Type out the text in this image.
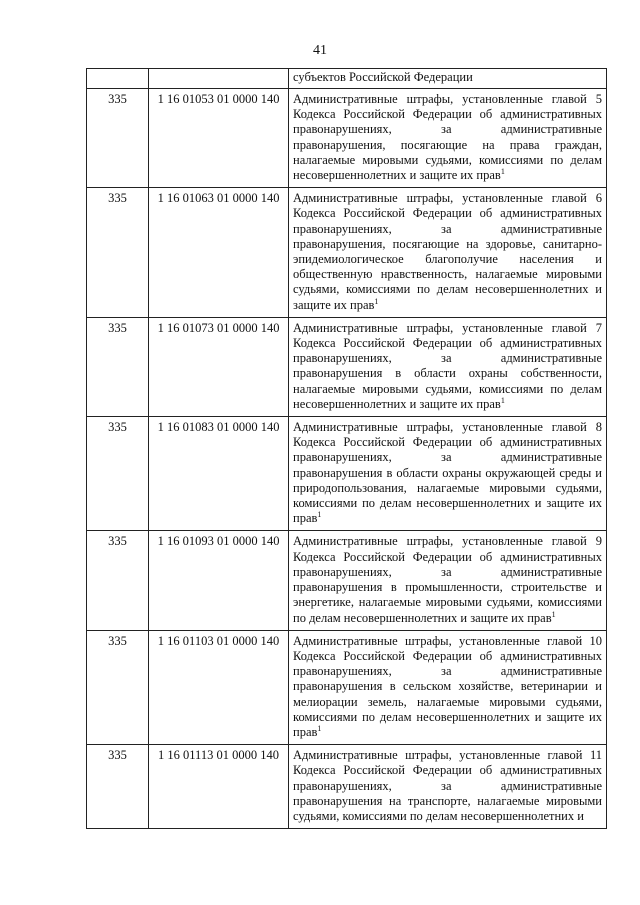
41
		субъектов Российской Федерации
335	1 16 01053 01 0000 140	Административные штрафы, установленные главой 5 Кодекса Российской Федерации об административных правонарушениях, за административные правонарушения, посягающие на права граждан, налагаемые мировыми судьями, комиссиями по делам несовершеннолетних и защите их прав$^1$
335	1 16 01063 01 0000 140	Административные штрафы, установленные главой 6 Кодекса Российской Федерации об административных правонарушениях, за административные правонарушения, посягающие на здоровье, санитарно-эпидемиологическое благополучие населения и общественную нравственность, налагаемые мировыми судьями, комиссиями по делам несовершеннолетних и защите их прав$^1$
335	1 16 01073 01 0000 140	Административные штрафы, установленные главой 7 Кодекса Российской Федерации об административных правонарушениях, за административные правонарушения в области охраны собственности, налагаемые мировыми судьями, комиссиями по делам несовершеннолетних и защите их прав$^1$
335	1 16 01083 01 0000 140	Административные штрафы, установленные главой 8 Кодекса Российской Федерации об административных правонарушениях, за административные правонарушения в области охраны окружающей среды и природопользования, налагаемые мировыми судьями, комиссиями по делам несовершеннолетних и защите их прав$^1$
335	1 16 01093 01 0000 140	Административные штрафы, установленные главой 9 Кодекса Российской Федерации об административных правонарушениях, за административные правонарушения в промышленности, строительстве и энергетике, налагаемые мировыми судьями, комиссиями по делам несовершеннолетних и защите их прав$^1$
335	1 16 01103 01 0000 140	Административные штрафы, установленные главой 10 Кодекса Российской Федерации об административных правонарушениях, за административные правонарушения в сельском хозяйстве, ветеринарии и мелиорации земель, налагаемые мировыми судьями, комиссиями по делам несовершеннолетних и защите их прав$^1$
335	1 16 01113 01 0000 140	Административные штрафы, установленные главой 11 Кодекса Российской Федерации об административных правонарушениях, за административные правонарушения на транспорте, налагаемые мировыми судьями, комиссиями по делам несовершеннолетних и
